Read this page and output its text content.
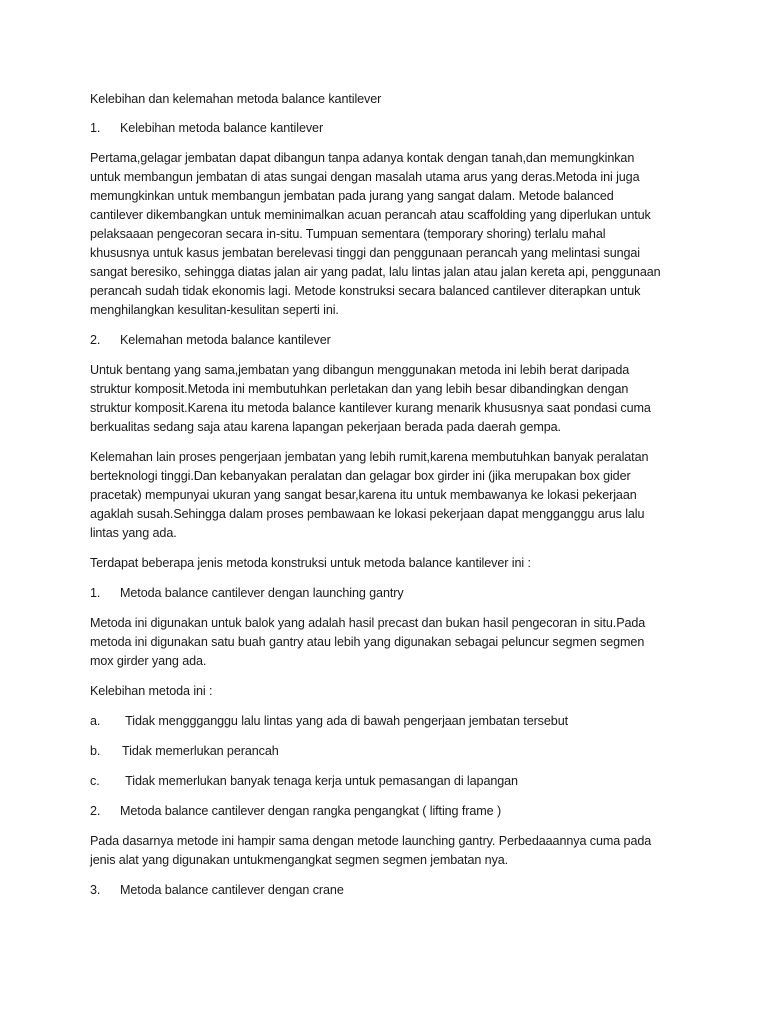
Kelebihan dan kelemahan metoda balance kantilever
1.	Kelebihan metoda balance kantilever
Pertama,gelagar jembatan dapat dibangun tanpa adanya kontak dengan tanah,dan memungkinkan
untuk membangun jembatan di atas sungai dengan masalah utama arus yang deras.Metoda ini juga
memungkinkan untuk membangun jembatan pada jurang yang sangat dalam. Metode balanced
cantilever dikembangkan untuk meminimalkan acuan perancah atau scaffolding yang diperlukan untuk
pelaksaaan pengecoran secara in-situ. Tumpuan sementara (temporary shoring) terlalu mahal
khususnya untuk kasus jembatan berelevasi tinggi dan penggunaan perancah yang melintasi sungai
sangat beresiko, sehingga diatas jalan air yang padat, lalu lintas jalan atau jalan kereta api, penggunaan
perancah sudah tidak ekonomis lagi. Metode konstruksi secara balanced cantilever diterapkan untuk
menghilangkan kesulitan-kesulitan seperti ini.
2.	Kelemahan metoda balance kantilever
Untuk bentang yang sama,jembatan yang dibangun menggunakan metoda ini lebih berat daripada
struktur komposit.Metoda ini membutuhkan perletakan dan yang lebih besar dibandingkan dengan
struktur komposit.Karena itu metoda balance kantilever kurang menarik khususnya saat pondasi cuma
berkualitas sedang saja atau karena lapangan pekerjaan berada pada daerah gempa.
Kelemahan lain proses pengerjaan jembatan yang lebih rumit,karena membutuhkan banyak peralatan
berteknologi tinggi.Dan kebanyakan peralatan dan gelagar box girder ini (jika merupakan box gider
pracetak) mempunyai ukuran yang sangat besar,karena itu untuk membawanya ke lokasi pekerjaan
agaklah susah.Sehingga dalam proses pembawaan ke lokasi pekerjaan dapat mengganggu arus lalu
lintas yang ada.
Terdapat beberapa jenis metoda konstruksi untuk metoda balance kantilever ini :
1.	Metoda balance cantilever dengan launching gantry
Metoda ini digunakan untuk balok yang adalah hasil precast dan bukan hasil pengecoran in situ.Pada
metoda ini digunakan satu buah gantry atau lebih yang digunakan sebagai peluncur segmen segmen
mox girder yang ada.
Kelebihan metoda ini :
a.	Tidak menggganggu lalu lintas yang ada di bawah pengerjaan jembatan tersebut
b.	Tidak memerlukan perancah
c.	Tidak memerlukan banyak tenaga kerja untuk pemasangan di lapangan
2.	Metoda balance cantilever dengan rangka pengangkat ( lifting frame )
Pada dasarnya metode ini hampir sama dengan metode launching gantry. Perbedaaannya cuma pada
jenis alat yang digunakan untukmengangkat segmen segmen jembatan nya.
3.	Metoda balance cantilever dengan crane
